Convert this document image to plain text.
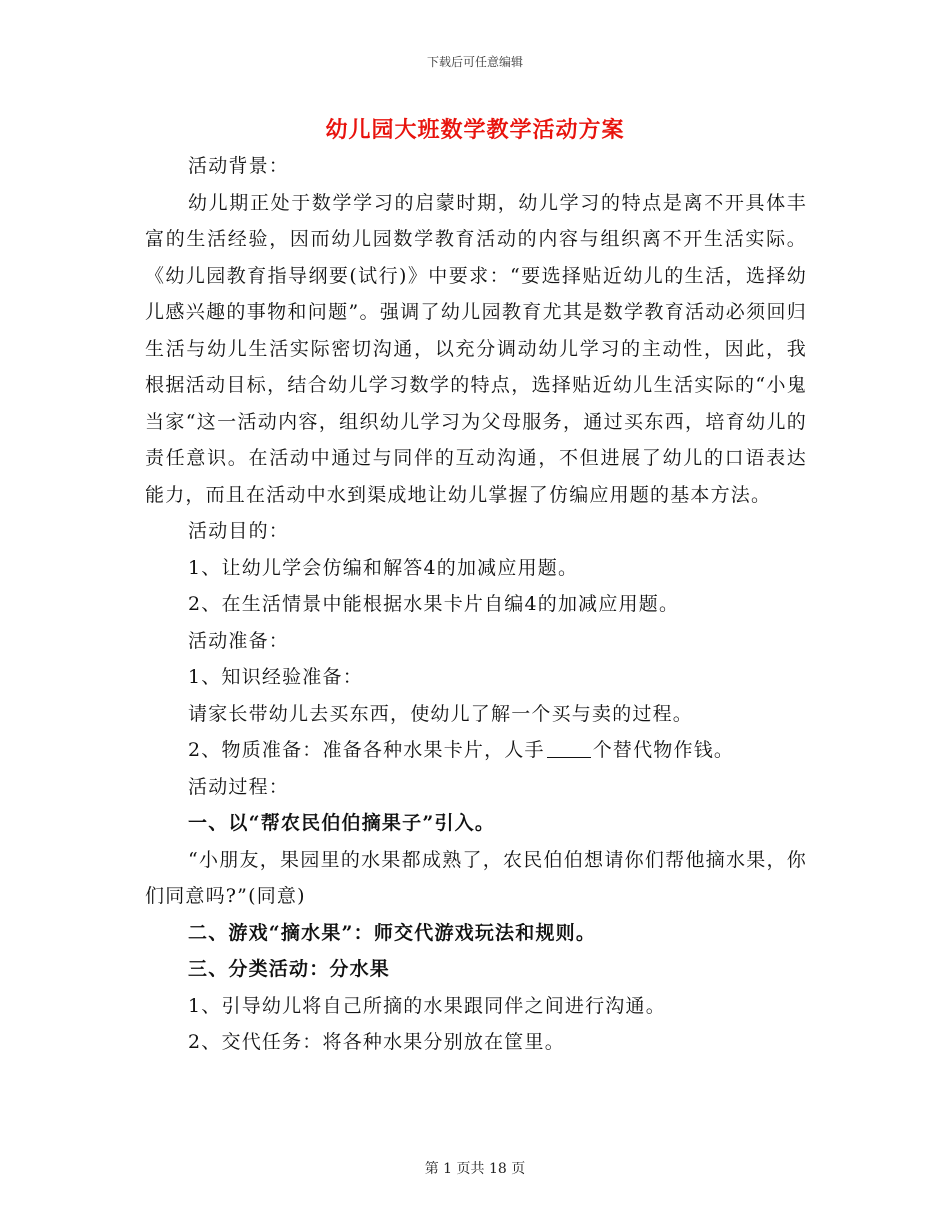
下载后可任意编辑
幼儿园大班数学教学活动方案

活动背景：

幼儿期正处于数学学习的启蒙时期，幼儿学习的特点是离不开具体丰富的生活经验，因而幼儿园数学教育活动的内容与组织离不开生活实际。《幼儿园教育指导纲要(试行)》中要求：“要选择贴近幼儿的生活，选择幼儿感兴趣的事物和问题”。强调了幼儿园教育尤其是数学教育活动必须回归生活与幼儿生活实际密切沟通，以充分调动幼儿学习的主动性，因此，我根据活动目标，结合幼儿学习数学的特点，选择贴近幼儿生活实际的“小鬼当家“这一活动内容，组织幼儿学习为父母服务，通过买东西，培育幼儿的责任意识。在活动中通过与同伴的互动沟通，不但进展了幼儿的口语表达能力，而且在活动中水到渠成地让幼儿掌握了仿编应用题的基本方法。

活动目的：

1、让幼儿学会仿编和解答4的加减应用题。

2、在生活情景中能根据水果卡片自编4的加减应用题。

活动准备：

1、知识经验准备：

请家长带幼儿去买东西，使幼儿了解一个买与卖的过程。

2、物质准备：准备各种水果卡片，人手	个替代物作钱。

活动过程：

一、以“帮农民伯伯摘果子”引入。

“小朋友，果园里的水果都成熟了，农民伯伯想请你们帮他摘水果，你们同意吗?”(同意)

二、游戏“摘水果”：师交代游戏玩法和规则。

三、分类活动：分水果

1、引导幼儿将自己所摘的水果跟同伴之间进行沟通。

2、交代任务：将各种水果分别放在筐里。

第 1 页共 18 页
